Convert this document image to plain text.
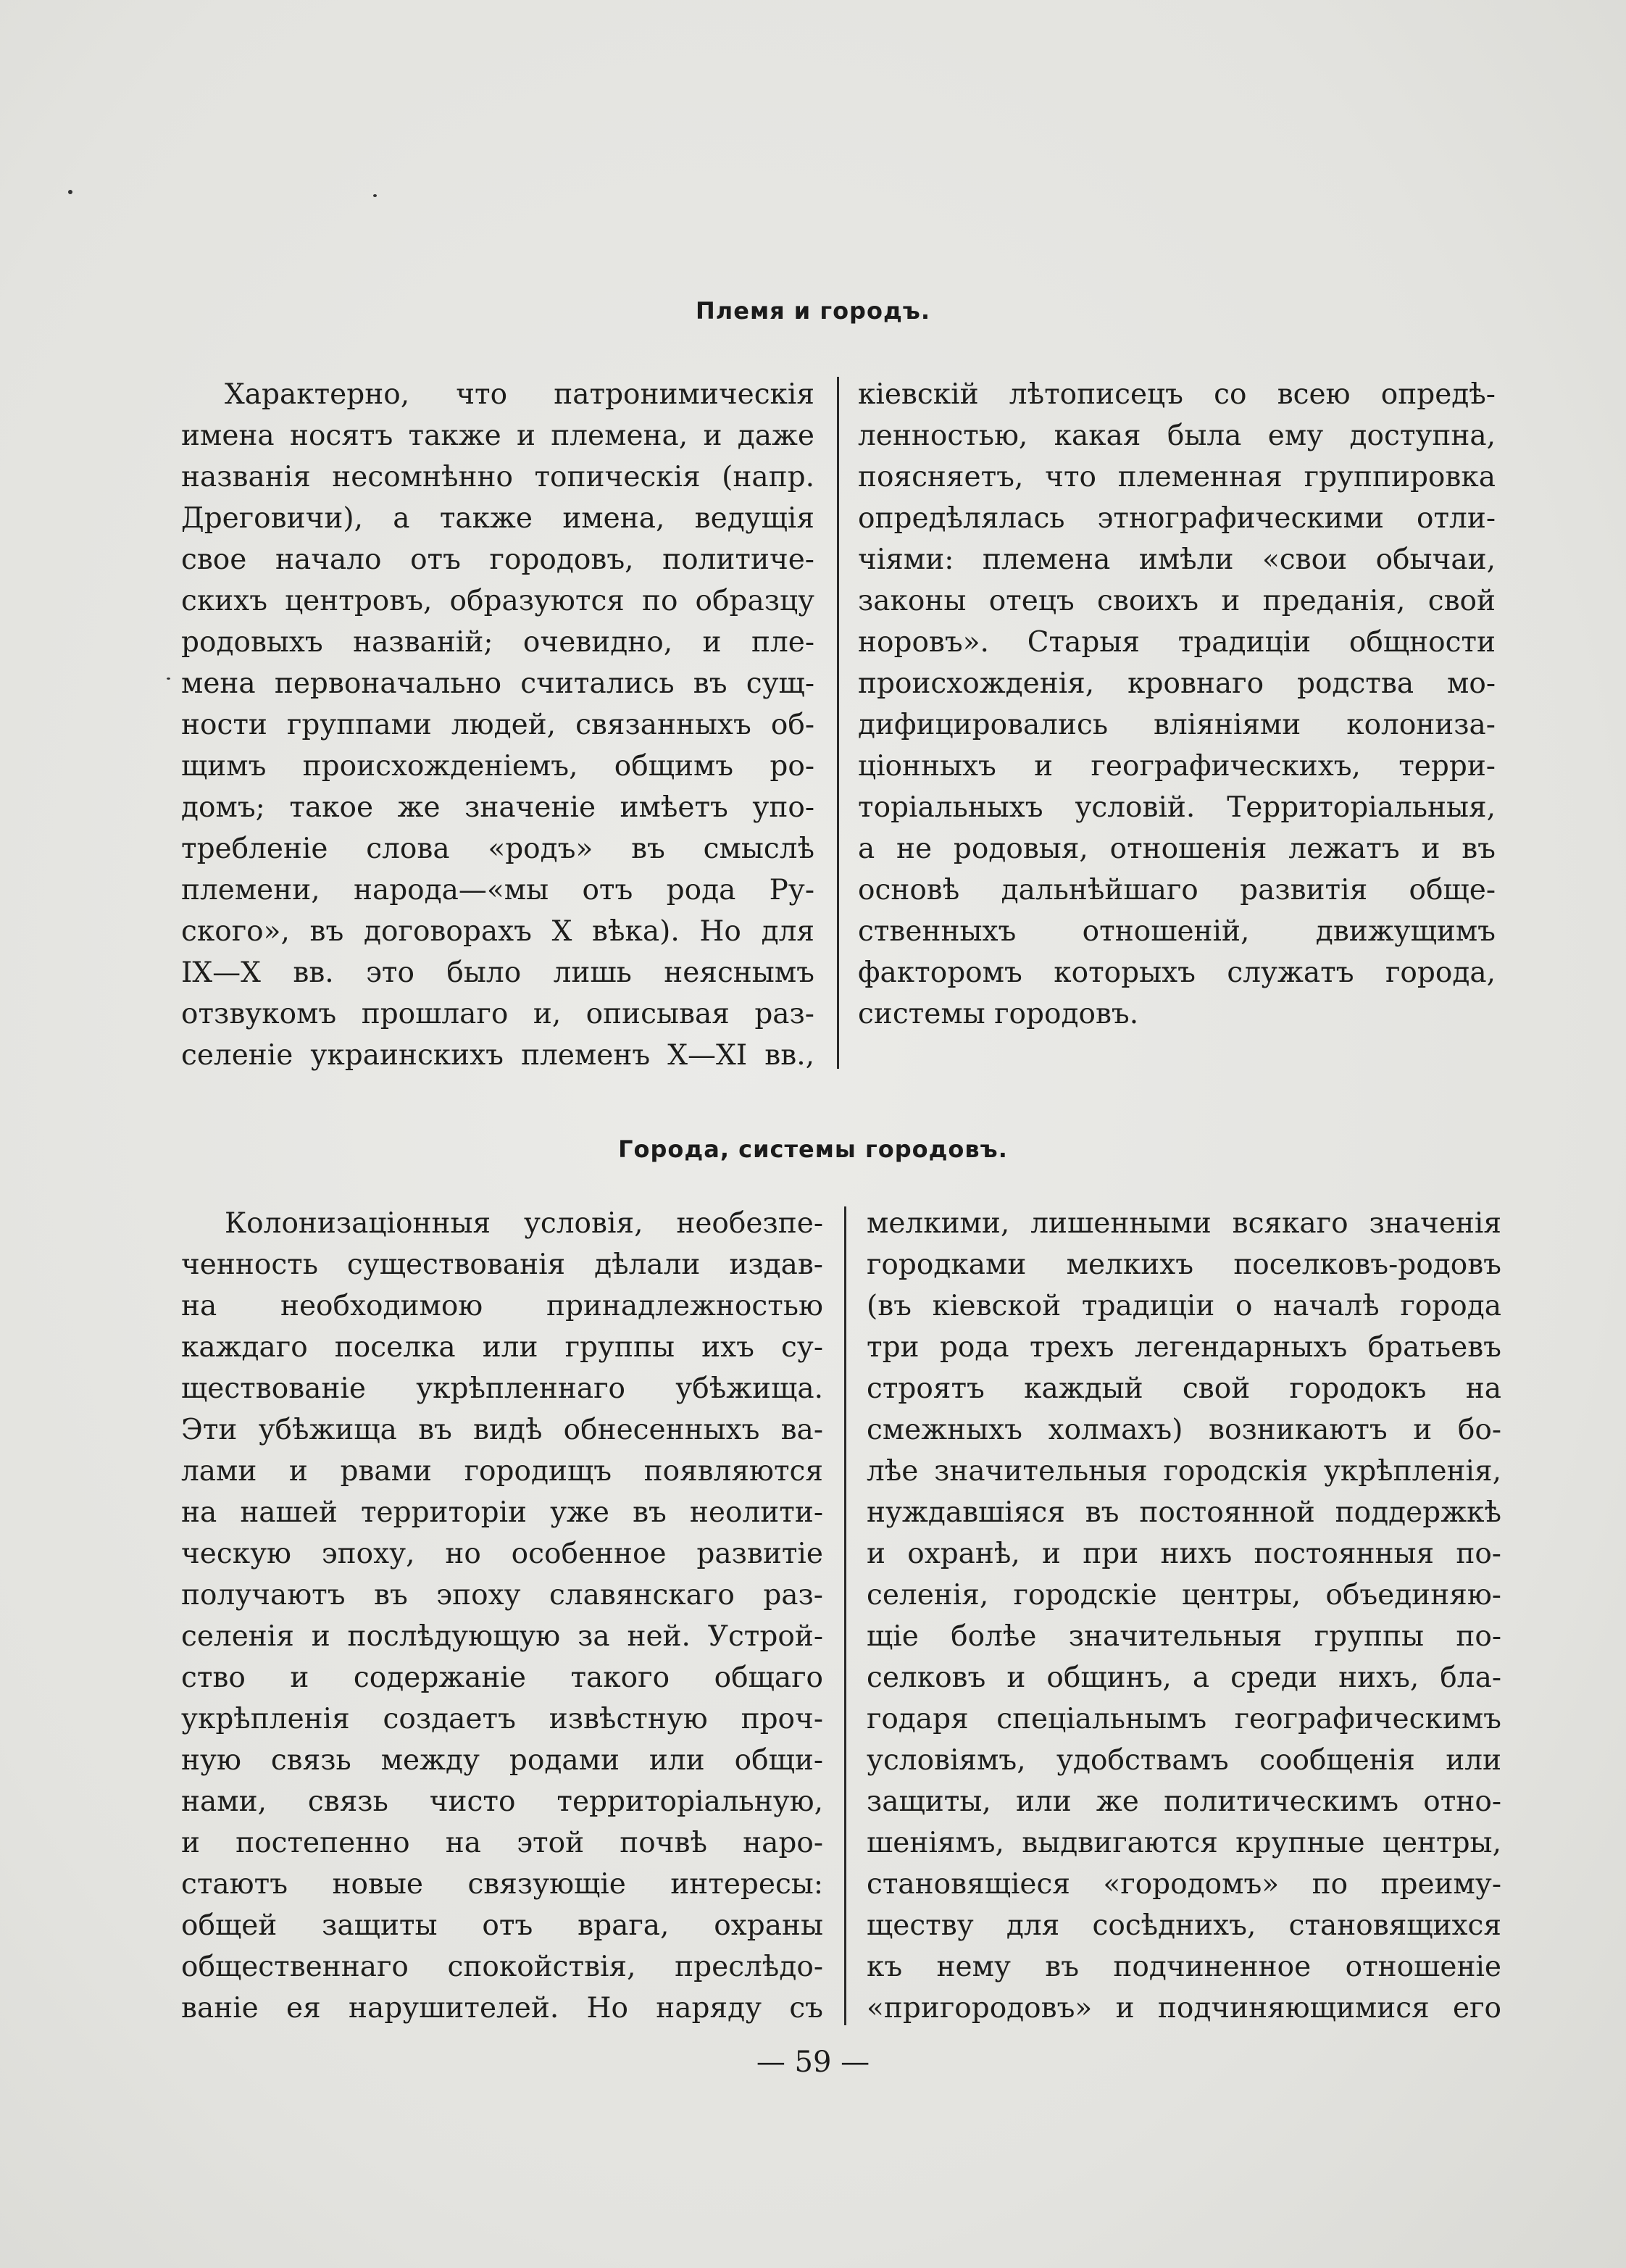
Племя и городъ.
Характерно, что патронимическія
имена носятъ также и племена, и даже
названія несомнѣнно топическія (напр.
Дреговичи), а также имена, ведущія
свое начало отъ городовъ, политиче-
скихъ центровъ, образуются по образцу
родовыхъ названій; очевидно, и пле-
мена первоначально считались въ сущ-
ности группами людей, связанныхъ об-
щимъ происхожденіемъ, общимъ ро-
домъ; такое же значеніе имѣетъ упо-
требленіе слова «родъ» въ смыслѣ
племени, народа—«мы отъ рода Ру-
ского», въ договорахъ X вѣка). Но для
IX—X вв. это было лишь неяснымъ
отзвукомъ прошлаго и, описывая раз-
селеніе украинскихъ племенъ X—XI вв.,
кіевскій лѣтописецъ со всею опредѣ-
ленностью, какая была ему доступна,
поясняетъ, что племенная группировка
опредѣлялась этнографическими отли-
чіями: племена имѣли «свои обычаи,
законы отецъ своихъ и преданія, свой
норовъ». Старыя традиціи общности
происхожденія, кровнаго родства мо-
дифицировались вліяніями колониза-
ціонныхъ и географическихъ, терри-
торіальныхъ условій. Территоріальныя,
а не родовыя, отношенія лежатъ и въ
основѣ дальнѣйшаго развитія обще-
ственныхъ отношеній, движущимъ
факторомъ которыхъ служатъ города,
системы городовъ.
Города, системы городовъ.
Колонизаціонныя условія, необезпе-
ченность существованія дѣлали издав-
на необходимою принадлежностью
каждаго поселка или группы ихъ су-
ществованіе укрѣпленнаго убѣжища.
Эти убѣжища въ видѣ обнесенныхъ ва-
лами и рвами городищъ появляются
на нашей территоріи уже въ неолити-
ческую эпоху, но особенное развитіе
получаютъ въ эпоху славянскаго раз-
селенія и послѣдующую за ней. Устрой-
ство и содержаніе такого общаго
укрѣпленія создаетъ извѣстную проч-
ную связь между родами или общи-
нами, связь чисто территоріальную,
и постепенно на этой почвѣ наро-
стаютъ новые связующіе интересы:
общей защиты отъ врага, охраны
общественнаго спокойствія, преслѣдо-
ваніе ея нарушителей. Но наряду съ
мелкими, лишенными всякаго значенія
городками мелкихъ поселковъ-родовъ
(въ кіевской традиціи о началѣ города
три рода трехъ легендарныхъ братьевъ
строятъ каждый свой городокъ на
смежныхъ холмахъ) возникаютъ и бо-
лѣе значительныя городскія укрѣпленія,
нуждавшіяся въ постоянной поддержкѣ
и охранѣ, и при нихъ постоянныя по-
селенія, городскіе центры, объединяю-
щіе болѣе значительныя группы по-
селковъ и общинъ, а среди нихъ, бла-
годаря спеціальнымъ географическимъ
условіямъ, удобствамъ сообщенія или
защиты, или же политическимъ отно-
шеніямъ, выдвигаются крупные центры,
становящіеся «городомъ» по преиму-
ществу для сосѣднихъ, становящихся
къ нему въ подчиненное отношеніе
«пригородовъ» и подчиняющимися его
— 59 —
